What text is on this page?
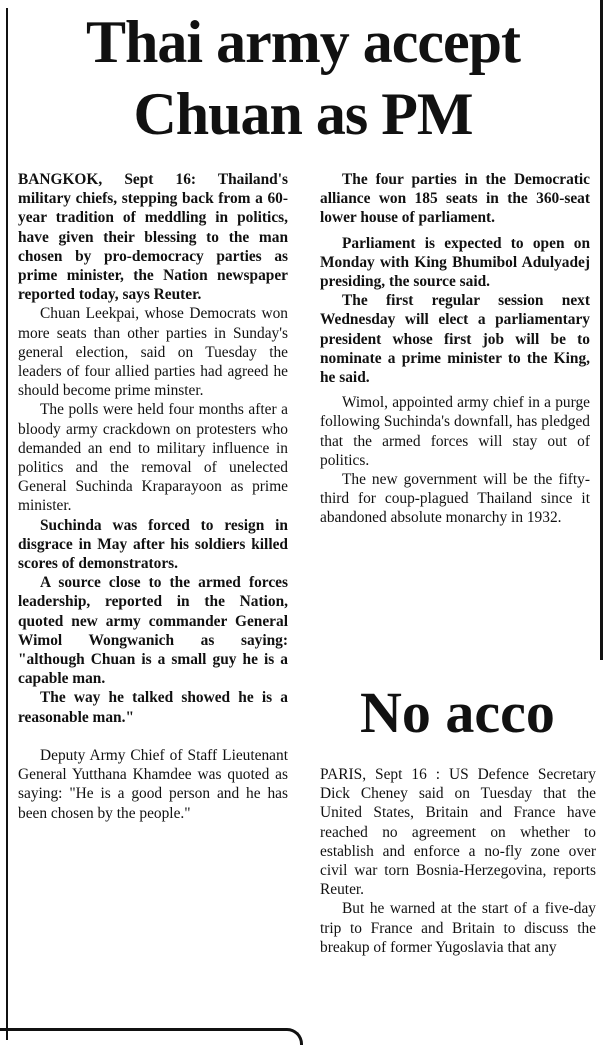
Thai army accept
Chuan as PM

BANGKOK, Sept 16: Thailand's military chiefs, stepping back from a 60-year tradition of meddling in politics, have given their blessing to the man chosen by pro-democracy parties as prime minister, the Nation newspaper reported today, says Reuter.

Chuan Leekpai, whose Democrats won more seats than other parties in Sunday's general election, said on Tuesday the leaders of four allied parties had agreed he should become prime minster.

The polls were held four months after a bloody army crackdown on protesters who demanded an end to military influence in politics and the removal of unelected General Suchinda Kraparayoon as prime minister.

Suchinda was forced to resign in disgrace in May after his soldiers killed scores of demonstrators.

A source close to the armed forces leadership, reported in the Nation, quoted new army commander General Wimol Wongwanich as saying: "although Chuan is a small guy he is a capable man.

The way he talked showed he is a reasonable man."

Deputy Army Chief of Staff Lieutenant General Yutthana Khamdee was quoted as saying: "He is a good person and he has been chosen by the people."

The four parties in the Democratic alliance won 185 seats in the 360-seat lower house of parliament.

Parliament is expected to open on Monday with King Bhumibol Adulyadej presiding, the source said.

The first regular session next Wednesday will elect a parliamentary president whose first job will be to nominate a prime minister to the King, he said.

Wimol, appointed army chief in a purge following Suchinda's downfall, has pledged that the armed forces will stay out of politics.

The new government will be the fifty-third for coup-plagued Thailand since it abandoned absolute monarchy in 1932.

No acco

PARIS, Sept 16 : US Defence Secretary Dick Cheney said on Tuesday that the United States, Britain and France have reached no agreement on whether to establish and enforce a no-fly zone over civil war torn Bosnia-Herzegovina, reports Reuter.

But he warned at the start of a five-day trip to France and Britain to discuss the breakup of former Yugoslavia that any
